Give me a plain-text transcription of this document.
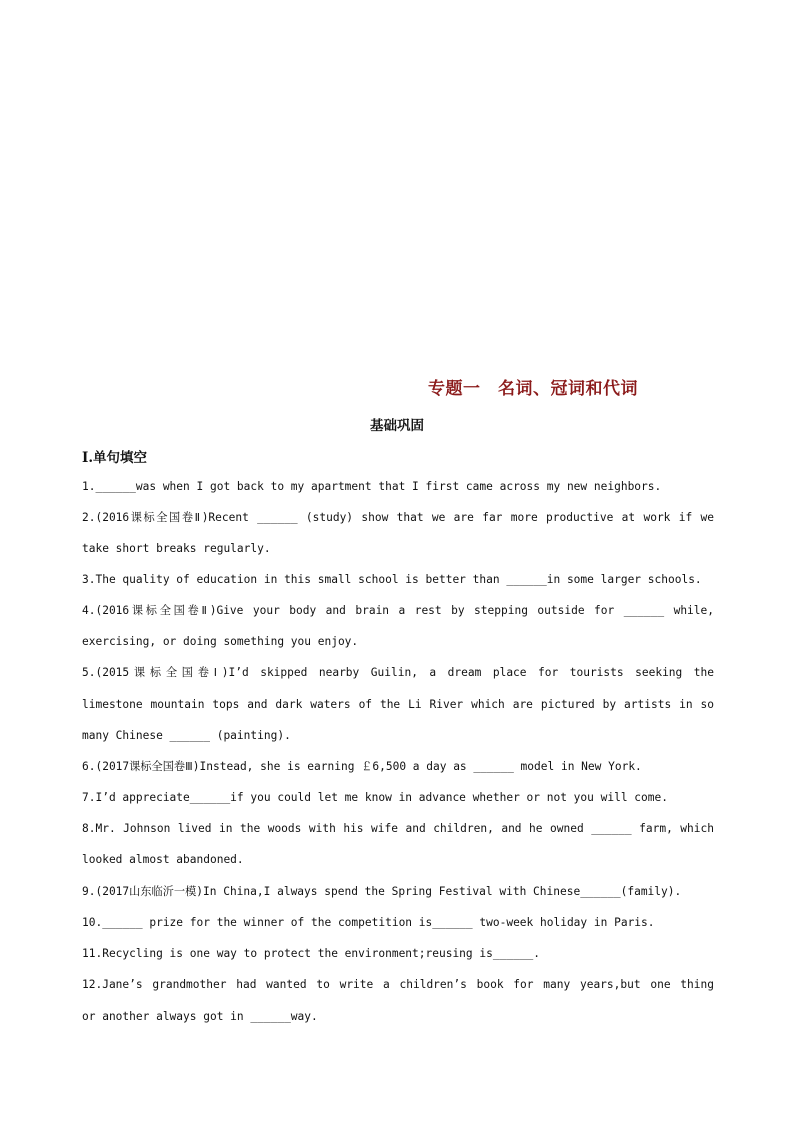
专题一　名词、冠词和代词
基础巩固
Ⅰ.单句填空
1.______was when I got back to my apartment that I first came across my new neighbors.
2.(2016课标全国卷Ⅱ)Recent ______ (study) show that we are far more productive at work if we
take short breaks regularly.
3.The quality of education in this small school is better than ______in some larger schools.
4.(2016课标全国卷Ⅱ)Give your body and brain a rest by stepping outside for ______ while,
exercising, or doing something you enjoy.
5.(2015课标全国卷Ⅰ)I’d skipped nearby Guilin, a dream place for tourists seeking the
limestone mountain tops and dark waters of the Li River which are pictured by artists in so
many Chinese ______ (painting).
6.(2017课标全国卷Ⅲ)Instead, she is earning ￡6,500 a day as ______ model in New York.
7.I’d appreciate______if you could let me know in advance whether or not you will come.
8.Mr. Johnson lived in the woods with his wife and children, and he owned ______ farm, which
looked almost abandoned.
9.(2017山东临沂一模)In China,I always spend the Spring Festival with Chinese______(family).
10.______ prize for the winner of the competition is______ two-week holiday in Paris.
11.Recycling is one way to protect the environment;reusing is______.
12.Jane’s grandmother had wanted to write a children’s book for many years,but one thing
or another always got in ______way.
